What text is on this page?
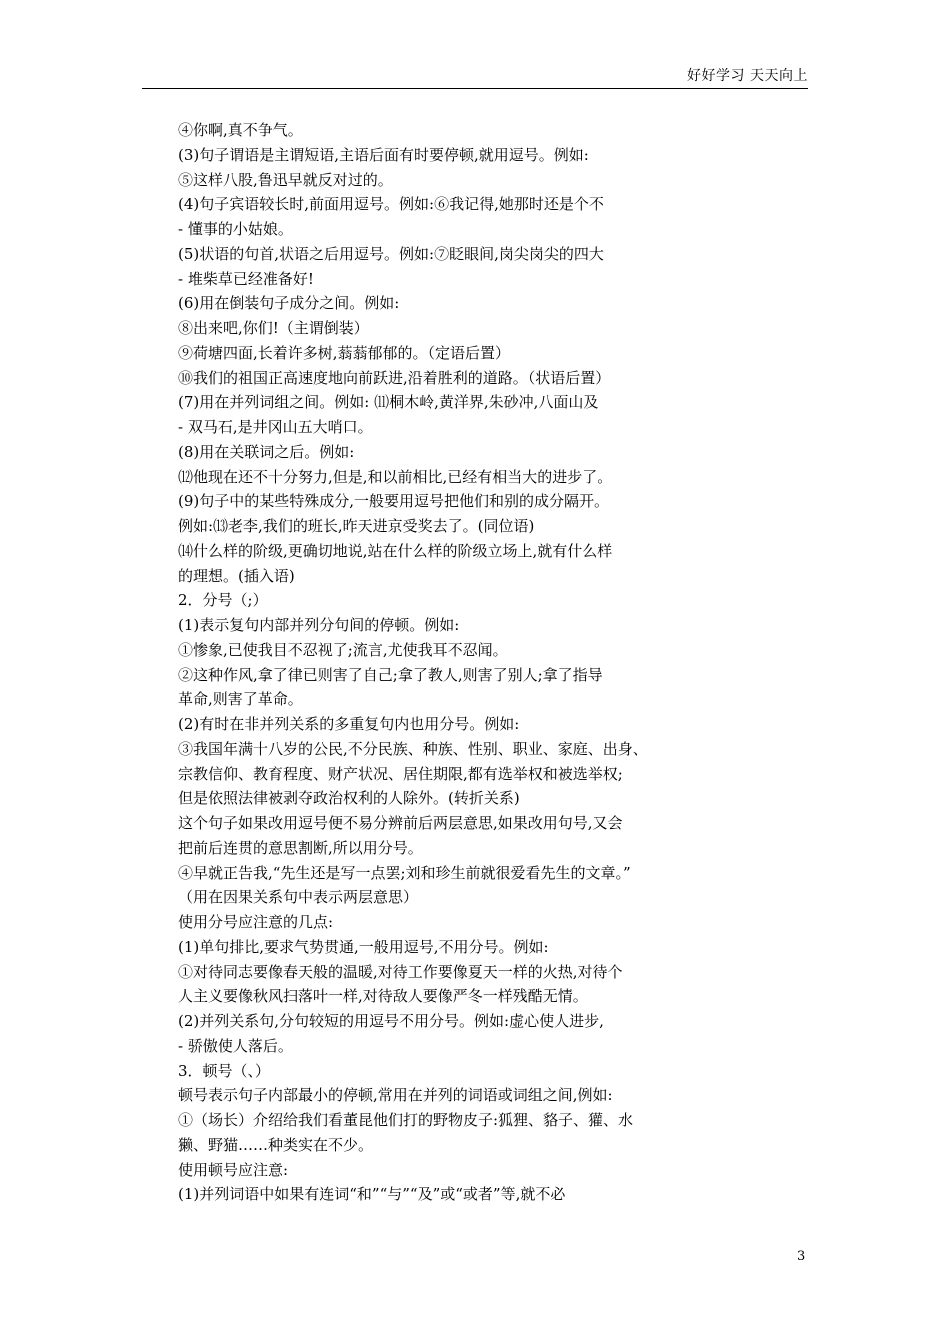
好好学习 天天向上
④你啊,真不争气。
(3)句子谓语是主谓短语,主语后面有时要停顿,就用逗号。例如:
⑤这样八股,鲁迅早就反对过的。
(4)句子宾语较长时,前面用逗号。例如:⑥我记得,她那时还是个不
- 懂事的小姑娘。
(5)状语的句首,状语之后用逗号。例如:⑦眨眼间,岗尖岗尖的四大
- 堆柴草已经准备好!
(6)用在倒装句子成分之间。例如:
⑧出来吧,你们!（主谓倒装）
⑨荷塘四面,长着许多树,蓊蓊郁郁的。（定语后置）
⑩我们的祖国正高速度地向前跃进,沿着胜利的道路。（状语后置）
(7)用在并列词组之间。例如: ⑾桐木岭,黄洋界,朱砂冲,八面山及
- 双马石,是井冈山五大哨口。
(8)用在关联词之后。例如:
⑿他现在还不十分努力,但是,和以前相比,已经有相当大的进步了。
(9)句子中的某些特殊成分,一般要用逗号把他们和别的成分隔开。
例如:⒀老李,我们的班长,昨天进京受奖去了。(同位语)
⒁什么样的阶级,更确切地说,站在什么样的阶级立场上,就有什么样
的理想。(插入语)
2．分号（;）
(1)表示复句内部并列分句间的停顿。例如:
①惨象,已使我目不忍视了;流言,尤使我耳不忍闻。
②这种作风,拿了律已则害了自己;拿了教人,则害了别人;拿了指导
革命,则害了革命。
(2)有时在非并列关系的多重复句内也用分号。例如:
③我国年满十八岁的公民,不分民族、种族、性别、职业、家庭、出身、
宗教信仰、教育程度、财产状况、居住期限,都有选举权和被选举权;
但是依照法律被剥夺政治权利的人除外。(转折关系)
这个句子如果改用逗号便不易分辨前后两层意思,如果改用句号,又会
把前后连贯的意思割断,所以用分号。
④早就正告我,“先生还是写一点罢;刘和珍生前就很爱看先生的文章。”
（用在因果关系句中表示两层意思）
使用分号应注意的几点:
(1)单句排比,要求气势贯通,一般用逗号,不用分号。例如:
①对待同志要像春天般的温暖,对待工作要像夏天一样的火热,对待个
人主义要像秋风扫落叶一样,对待敌人要像严冬一样残酷无情。
(2)并列关系句,分句较短的用逗号不用分号。例如:虚心使人进步,
- 骄傲使人落后。
3．顿号（、）
顿号表示句子内部最小的停顿,常用在并列的词语或词组之间,例如:
①（场长）介绍给我们看董昆他们打的野物皮子:狐狸、貉子、獾、水
獭、野猫……种类实在不少。
使用顿号应注意:
(1)并列词语中如果有连词“和”“与”“及”或“或者”等,就不必
3
